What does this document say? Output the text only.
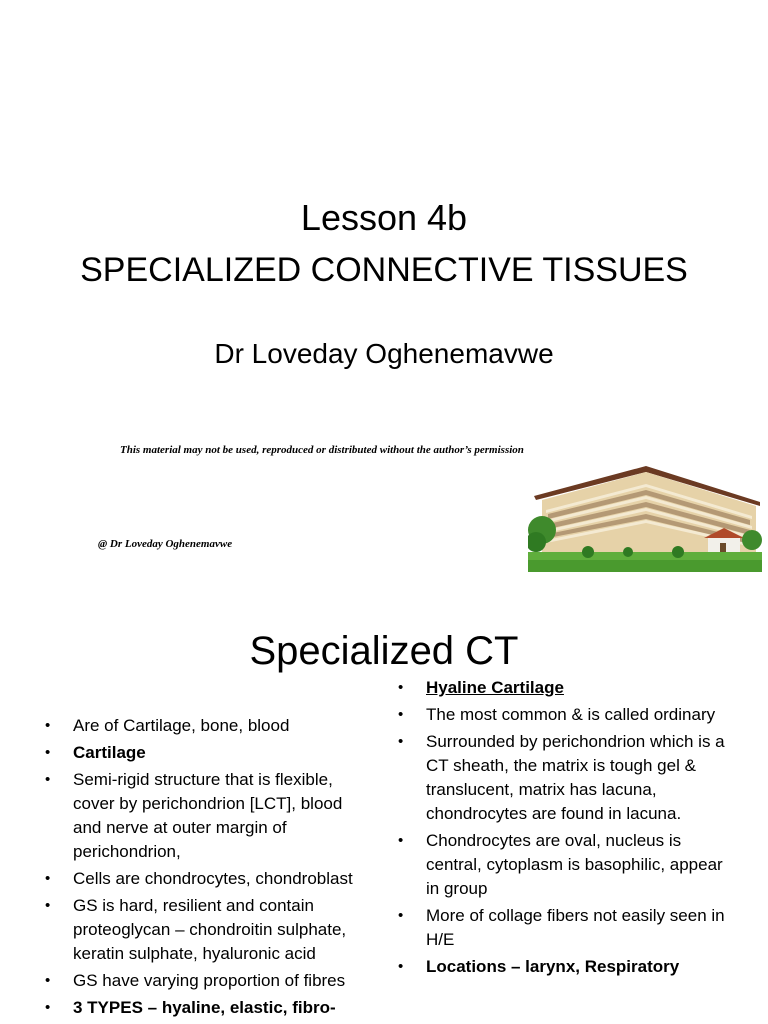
Lesson 4b
SPECIALIZED CONNECTIVE TISSUES
Dr Loveday Oghenemavwe
This material may not be used, reproduced or distributed without the author’s permission
@ Dr Loveday Oghenemavwe
Specialized CT
• Are of Cartilage, bone, blood
• Cartilage
• Semi-rigid structure that is flexible, cover by perichondrion [LCT], blood and nerve at outer margin of perichondrion,
• Cells are chondrocytes, chondroblast
• GS is hard, resilient and contain proteoglycan – chondroitin sulphate, keratin sulphate, hyaluronic acid
• GS have varying proportion of fibres
• 3 TYPES – hyaline, elastic, fibro-
• Hyaline Cartilage
• The most common & is called ordinary
• Surrounded by perichondrion which is a CT sheath, the matrix is tough gel & translucent, matrix has lacuna, chondrocytes are found in lacuna.
• Chondrocytes are oval, nucleus is central, cytoplasm is basophilic, appear in group
• More of collage fibers not easily seen in H/E
• Locations – larynx, Respiratory
